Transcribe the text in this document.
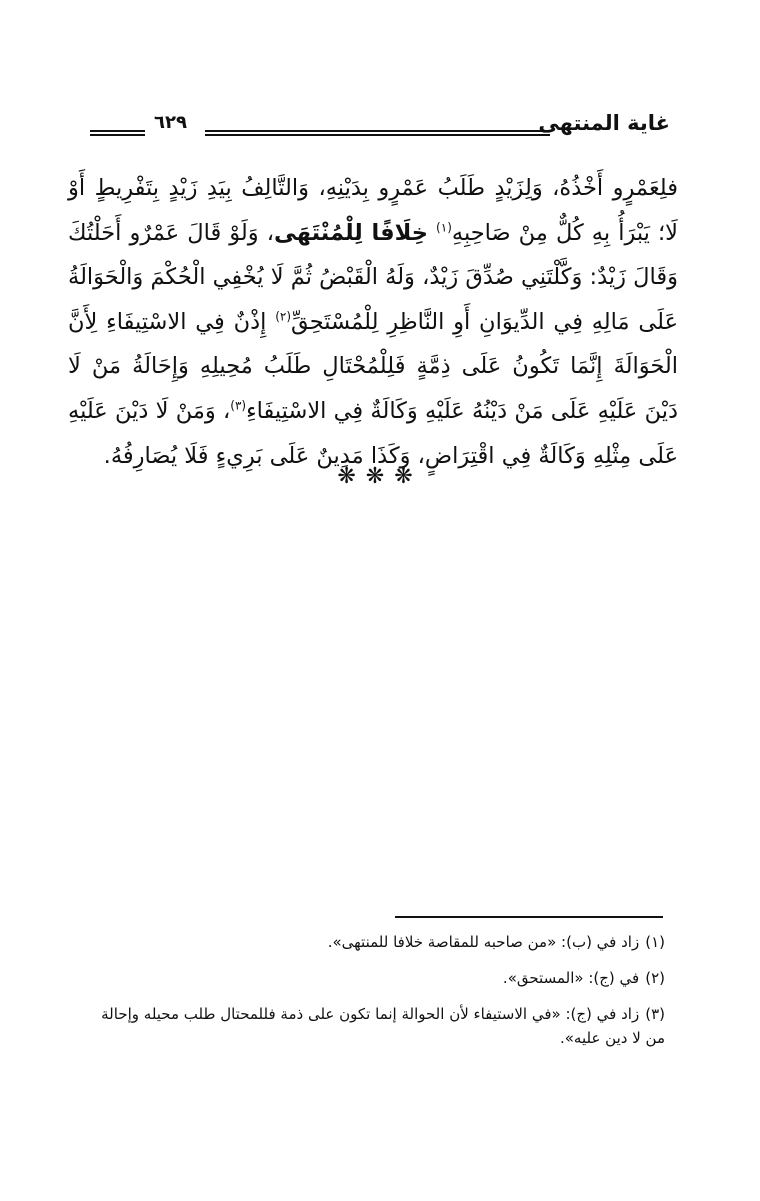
غاية المنتهى
٦٢٩

فلِعَمْرٍو أَخْذُهُ، وَلِزَيْدٍ طَلَبُ عَمْرٍو بِدَيْنِهِ، وَالتَّالِفُ بِيَدِ زَيْدٍ بِتَفْرِيطٍ أَوْ لَا؛ يَبْرَأُ بِهِ كُلٌّ مِنْ صَاحِبِهِ$^{(١)}$ خِلَافًا لِلْمُنْتَهَى، وَلَوْ قَالَ عَمْرٌو أَحَلْتُكَ وَقَالَ زَيْدٌ: وَكَّلْتَنِي صُدِّقَ زَيْدٌ، وَلَهُ الْقَبْضُ ثُمَّ لَا يُخْفِي الْحُكْمَ وَالْحَوَالَةُ عَلَى مَالِهِ فِي الدِّيوَانِ أَوِ النَّاظِرِ لِلْمُسْتَحِقِّ$^{(٢)}$ إِذْنٌ فِي الاسْتِيفَاءِ لِأَنَّ الْحَوَالَةَ إِنَّمَا تَكُونُ عَلَى ذِمَّةٍ فَلِلْمُحْتَالِ طَلَبُ مُحِيلِهِ وَإِحَالَةُ مَنْ لَا دَيْنَ عَلَيْهِ عَلَى مَنْ دَيْنُهُ عَلَيْهِ وَكَالَةٌ فِي الاسْتِيفَاءِ$^{(٣)}$، وَمَنْ لَا دَيْنَ عَلَيْهِ عَلَى مِثْلِهِ وَكَالَةٌ فِي اقْتِرَاضٍ، وَكَذَا مَدِينٌ عَلَى بَرِيءٍ فَلَا يُصَارِفُهُ.

❋❋❋

(١)زاد في (ب): «من صاحبه للمقاصة خلافا للمنتهى».

(٢)في (ج): «المستحق».

(٣)زاد في (ج): «في الاستيفاء لأن الحوالة إنما تكون على ذمة فللمحتال طلب محيله وإحالة من لا دين عليه».
